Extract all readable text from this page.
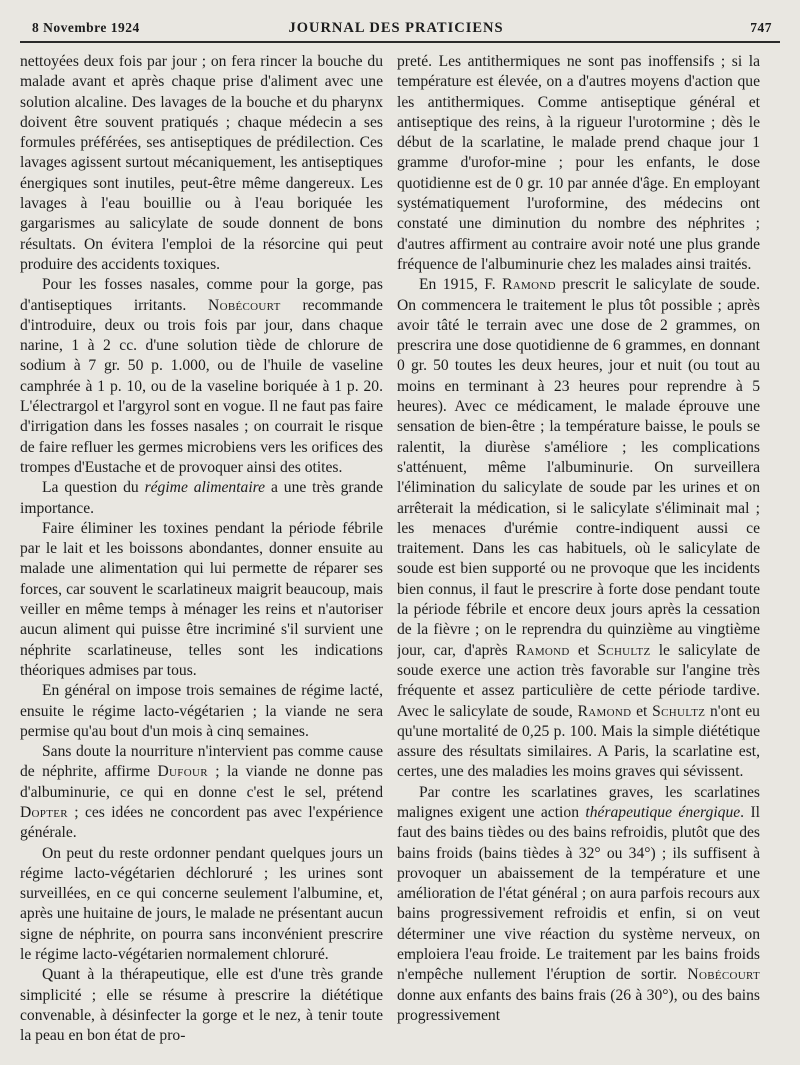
8 Novembre 1924	JOURNAL DES PRATICIENS	747

nettoyées deux fois par jour ; on fera rincer la bouche du malade avant et après chaque prise d'aliment avec une solution alcaline. Des lavages de la bouche et du pharynx doivent être souvent pratiqués ; chaque médecin a ses formules préférées, ses antiseptiques de prédilection. Ces lavages agissent surtout mécaniquement, les antiseptiques énergiques sont inutiles, peut-être même dangereux. Les lavages à l'eau bouillie ou à l'eau boriquée les gargarismes au salicylate de soude donnent de bons résultats. On évitera l'emploi de la résorcine qui peut produire des accidents toxiques.

Pour les fosses nasales, comme pour la gorge, pas d'antiseptiques irritants. Nobécourt recommande d'introduire, deux ou trois fois par jour, dans chaque narine, 1 à 2 cc. d'une solution tiède de chlorure de sodium à 7 gr. 50 p. 1.000, ou de l'huile de vaseline camphrée à 1 p. 10, ou de la vaseline boriquée à 1 p. 20. L'électrargol et l'argyrol sont en vogue. Il ne faut pas faire d'irrigation dans les fosses nasales ; on courrait le risque de faire refluer les germes microbiens vers les orifices des trompes d'Eustache et de provoquer ainsi des otites.

La question du régime alimentaire a une très grande importance.

Faire éliminer les toxines pendant la période fébrile par le lait et les boissons abondantes, donner ensuite au malade une alimentation qui lui permette de réparer ses forces, car souvent le scarlatineux maigrit beaucoup, mais veiller en même temps à ménager les reins et n'autoriser aucun aliment qui puisse être incriminé s'il survient une néphrite scarlatineuse, telles sont les indications théoriques admises par tous.

En général on impose trois semaines de régime lacté, ensuite le régime lacto-végétarien ; la viande ne sera permise qu'au bout d'un mois à cinq semaines.

Sans doute la nourriture n'intervient pas comme cause de néphrite, affirme Dufour ; la viande ne donne pas d'albuminurie, ce qui en donne c'est le sel, prétend Dopter ; ces idées ne concordent pas avec l'expérience générale.

On peut du reste ordonner pendant quelques jours un régime lacto-végétarien déchloruré ; les urines sont surveillées, en ce qui concerne seulement l'albumine, et, après une huitaine de jours, le malade ne présentant aucun signe de néphrite, on pourra sans inconvénient prescrire le régime lacto-végétarien normalement chloruré.

Quant à la thérapeutique, elle est d'une très grande simplicité ; elle se résume à prescrire la diététique convenable, à désinfecter la gorge et le nez, à tenir toute la peau en bon état de pro-

preté. Les antithermiques ne sont pas inoffensifs ; si la température est élevée, on a d'autres moyens d'action que les antithermiques. Comme antiseptique général et antiseptique des reins, à la rigueur l'urotormine ; dès le début de la scarlatine, le malade prend chaque jour 1 gramme d'urofor-mine ; pour les enfants, le dose quotidienne est de 0 gr. 10 par année d'âge. En employant systématiquement l'uroformine, des médecins ont constaté une diminution du nombre des néphrites ; d'autres affirment au contraire avoir noté une plus grande fréquence de l'albuminurie chez les malades ainsi traités.

En 1915, F. Ramond prescrit le salicylate de soude. On commencera le traitement le plus tôt possible ; après avoir tâté le terrain avec une dose de 2 grammes, on prescrira une dose quotidienne de 6 grammes, en donnant 0 gr. 50 toutes les deux heures, jour et nuit (ou tout au moins en terminant à 23 heures pour reprendre à 5 heures). Avec ce médicament, le malade éprouve une sensation de bien-être ; la température baisse, le pouls se ralentit, la diurèse s'améliore ; les complications s'atténuent, même l'albuminurie. On surveillera l'élimination du salicylate de soude par les urines et on arrêterait la médication, si le salicylate s'éliminait mal ; les menaces d'urémie contre-indiquent aussi ce traitement. Dans les cas habituels, où le salicylate de soude est bien supporté ou ne provoque que les incidents bien connus, il faut le prescrire à forte dose pendant toute la période fébrile et encore deux jours après la cessation de la fièvre ; on le reprendra du quinzième au vingtième jour, car, d'après Ramond et Schultz le salicylate de soude exerce une action très favorable sur l'angine très fréquente et assez particulière de cette période tardive. Avec le salicylate de soude, Ramond et Schultz n'ont eu qu'une mortalité de 0,25 p. 100. Mais la simple diététique assure des résultats similaires. A Paris, la scarlatine est, certes, une des maladies les moins graves qui sévissent.

Par contre les scarlatines graves, les scarlatines malignes exigent une action thérapeutique énergique. Il faut des bains tièdes ou des bains refroidis, plutôt que des bains froids (bains tièdes à 32° ou 34°) ; ils suffisent à provoquer un abaissement de la température et une amélioration de l'état général ; on aura parfois recours aux bains progressivement refroidis et enfin, si on veut déterminer une vive réaction du système nerveux, on emploiera l'eau froide. Le traitement par les bains froids n'empêche nullement l'éruption de sortir. Nobécourt donne aux enfants des bains frais (26 à 30°), ou des bains progressivement
